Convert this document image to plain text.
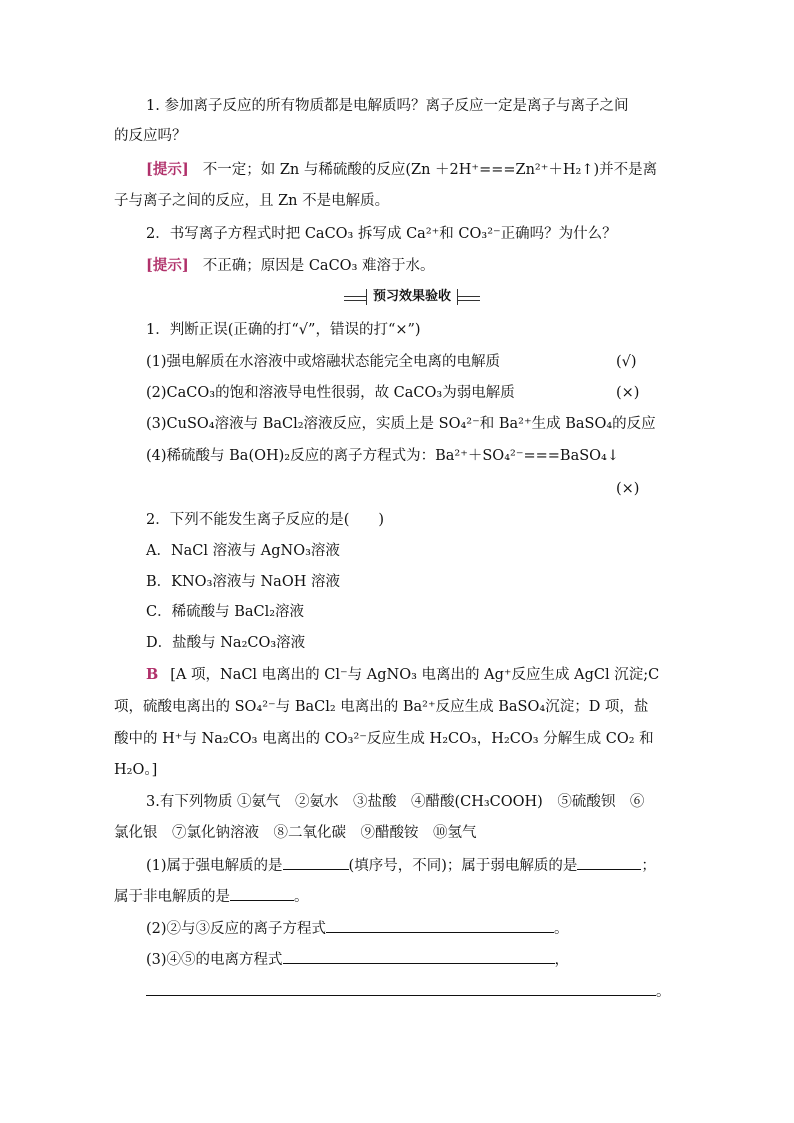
1. 参加离子反应的所有物质都是电解质吗？离子反应一定是离子与离子之间
的反应吗？
[提示] 不一定；如 Zn 与稀硫酸的反应(Zn ＋2H⁺===Zn²⁺＋H₂↑)并不是离
子与离子之间的反应，且 Zn 不是电解质。
2．书写离子方程式时把 CaCO₃ 拆写成 Ca²⁺和 CO₃²⁻正确吗？为什么？
[提示] 不正确；原因是 CaCO₃ 难溶于水。
预习效果验收
1．判断正误(正确的打“√”，错误的打“×”)
(1)强电解质在水溶液中或熔融状态能完全电离的电解质	(√)
(2)CaCO₃的饱和溶液导电性很弱，故 CaCO₃为弱电解质	(×)
(3)CuSO₄溶液与 BaCl₂溶液反应，实质上是 SO₄²⁻和 Ba²⁺生成 BaSO₄的反应
(4)稀硫酸与 Ba(OH)₂反应的离子方程式为：Ba²⁺＋SO₄²⁻===BaSO₄↓
(×)
2．下列不能发生离子反应的是(　　)
A．NaCl 溶液与 AgNO₃溶液
B．KNO₃溶液与 NaOH 溶液
C．稀硫酸与 BaCl₂溶液
D．盐酸与 Na₂CO₃溶液
B [A 项，NaCl 电离出的 Cl⁻与 AgNO₃ 电离出的 Ag⁺反应生成 AgCl 沉淀;C
项，硫酸电离出的 SO₄²⁻与 BaCl₂ 电离出的 Ba²⁺反应生成 BaSO₄沉淀；D 项，盐
酸中的 H⁺与 Na₂CO₃ 电离出的 CO₃²⁻反应生成 H₂CO₃，H₂CO₃ 分解生成 CO₂ 和
H₂O。]
3.有下列物质 ①氨气　②氨水　③盐酸　④醋酸(CH₃COOH)　⑤硫酸钡　⑥
氯化银　⑦氯化钠溶液　⑧二氧化碳　⑨醋酸铵　⑩氢气
(1)属于强电解质的是	(填序号，不同)；属于弱电解质的是	；
属于非电解质的是	。
(2)②与③反应的离子方程式	。
(3)④⑤的电离方程式	，
。
